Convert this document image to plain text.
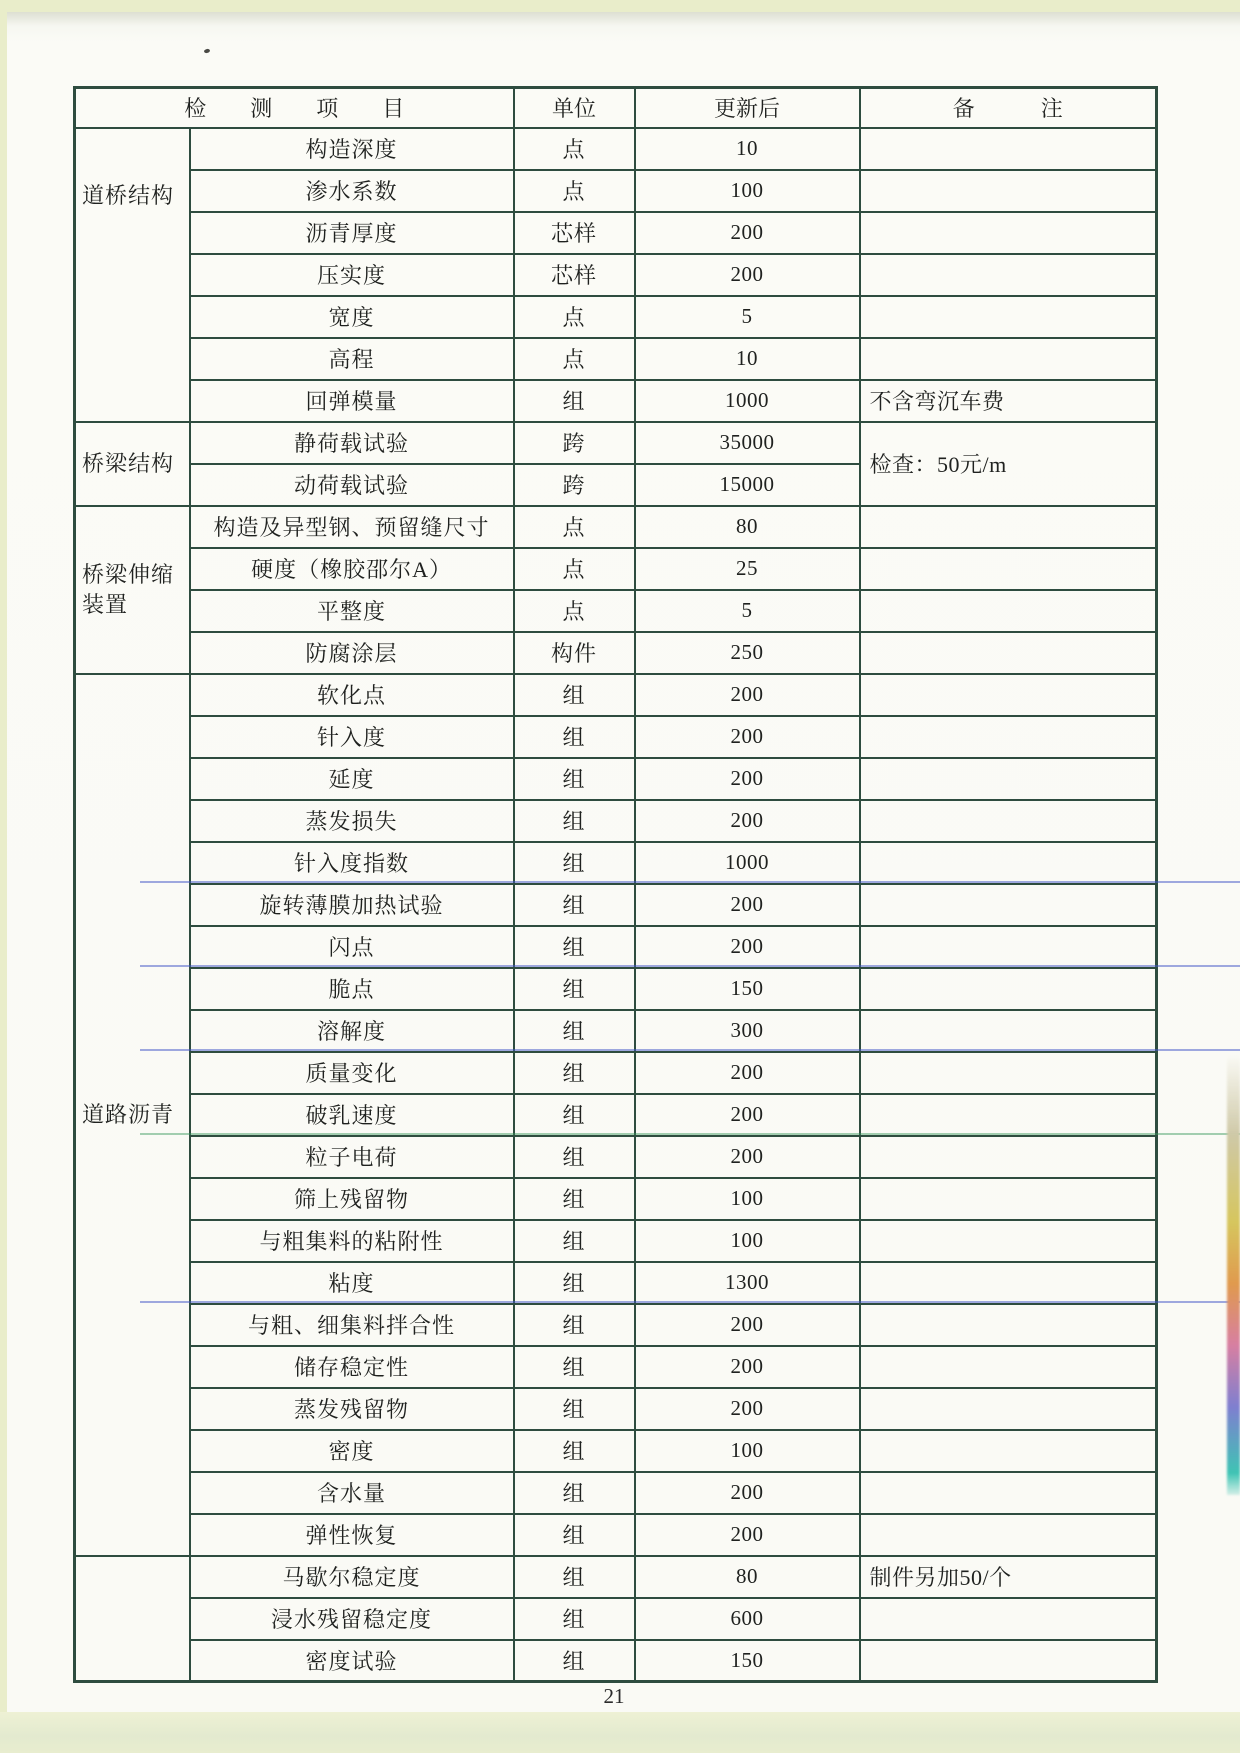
检　　测　　项　　目		单位	更新后	备　　　注
道桥结构	构造深度	点	10	
	渗水系数	点	100	
	沥青厚度	芯样	200	
	压实度	芯样	200	
	宽度	点	5	
	高程	点	10	
	回弹模量	组	1000	不含弯沉车费
桥梁结构	静荷载试验	跨	35000	检查：50元/m
	动荷载试验	跨	15000	
桥梁伸缩装置	构造及异型钢、预留缝尺寸	点	80	
	硬度（橡胶邵尔A）	点	25	
	平整度	点	5	
	防腐涂层	构件	250	
道路沥青	软化点	组	200	
	针入度	组	200	
	延度	组	200	
	蒸发损失	组	200	
	针入度指数	组	1000	
	旋转薄膜加热试验	组	200	
	闪点	组	200	
	脆点	组	150	
	溶解度	组	300	
	质量变化	组	200	
	破乳速度	组	200	
	粒子电荷	组	200	
	筛上残留物	组	100	
	与粗集料的粘附性	组	100	
	粘度	组	1300	
	与粗、细集料拌合性	组	200	
	储存稳定性	组	200	
	蒸发残留物	组	200	
	密度	组	100	
	含水量	组	200	
	弹性恢复	组	200	
	马歇尔稳定度	组	80	制件另加50/个
	浸水残留稳定度	组	600	
	密度试验	组	150	
21
